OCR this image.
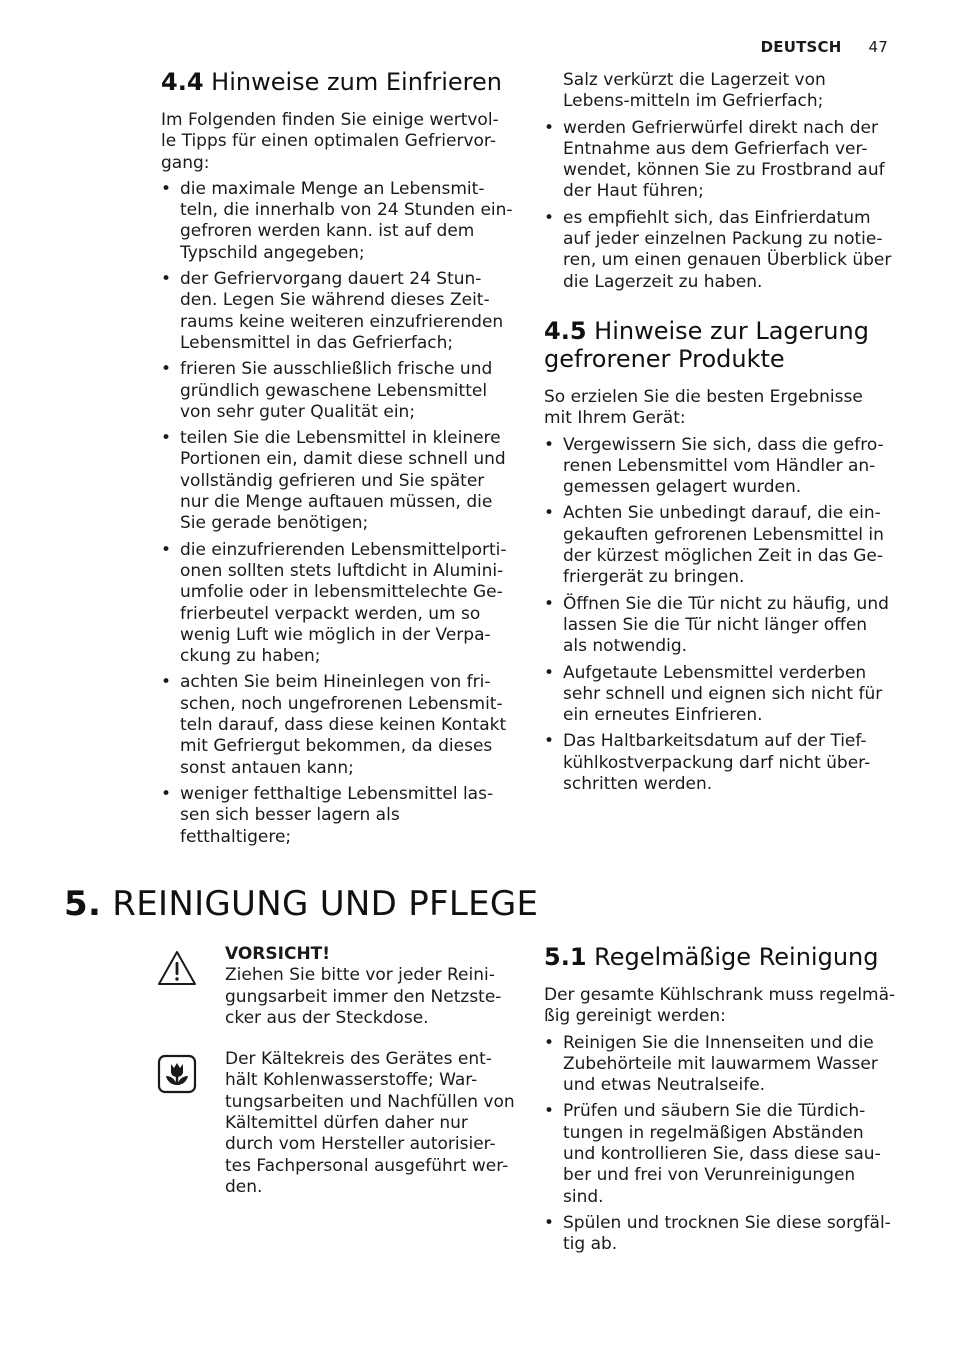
DEUTSCH 47
4.4 Hinweise zum Einfrieren

Im Folgenden finden Sie einige wertvol-le Tipps für einen optimalen Gefriervor-gang:

• die maximale Menge an Lebensmit-teln, die innerhalb von 24 Stunden ein-gefroren werden kann. ist auf dem Typschild angegeben;
• der Gefriervorgang dauert 24 Stun-den. Legen Sie während dieses Zeit-raums keine weiteren einzufrierenden Lebensmittel in das Gefrierfach;
• frieren Sie ausschließlich frische und gründlich gewaschene Lebensmittel von sehr guter Qualität ein;
• teilen Sie die Lebensmittel in kleinere Portionen ein, damit diese schnell und vollständig gefrieren und Sie später nur die Menge auftauen müssen, die Sie gerade benötigen;
• die einzufrierenden Lebensmittelporti-onen sollten stets luftdicht in Alumini-umfolie oder in lebensmittelechte Ge-frierbeutel verpackt werden, um so wenig Luft wie möglich in der Verpa-ckung zu haben;
• achten Sie beim Hineinlegen von fri-schen, noch ungefrorenen Lebensmit-teln darauf, dass diese keinen Kontakt mit Gefriergut bekommen, da dieses sonst antauen kann;
• weniger fetthaltige Lebensmittel las-sen sich besser lagern als fetthaltigere;
Salz verkürzt die Lagerzeit von Lebens-mitteln im Gefrierfach;
• werden Gefrierwürfel direkt nach der Entnahme aus dem Gefrierfach ver-wendet, können Sie zu Frostbrand auf der Haut führen;
• es empfiehlt sich, das Einfrierdatum auf jeder einzelnen Packung zu notie-ren, um einen genauen Überblick über die Lagerzeit zu haben.
4.5 Hinweise zur Lagerung gefrorener Produkte

So erzielen Sie die besten Ergebnisse mit Ihrem Gerät:

• Vergewissern Sie sich, dass die gefro-renen Lebensmittel vom Händler an-gemessen gelagert wurden.
• Achten Sie unbedingt darauf, die ein-gekauften gefrorenen Lebensmittel in der kürzest möglichen Zeit in das Ge-friergerät zu bringen.
• Öffnen Sie die Tür nicht zu häufig, und lassen Sie die Tür nicht länger offen als notwendig.
• Aufgetaute Lebensmittel verderben sehr schnell und eignen sich nicht für ein erneutes Einfrieren.
• Das Haltbarkeitsdatum auf der Tief-kühlkostverpackung darf nicht über-schritten werden.
5. REINIGUNG UND PFLEGE
VORSICHT!
Ziehen Sie bitte vor jeder Reini-gungsarbeit immer den Netzste-cker aus der Steckdose.
Der Kältekreis des Gerätes ent-hält Kohlenwasserstoffe; War-tungsarbeiten und Nachfüllen von Kältemittel dürfen daher nur durch vom Hersteller autorisier-tes Fachpersonal ausgeführt wer-den.
5.1 Regelmäßige Reinigung

Der gesamte Kühlschrank muss regelmä-ßig gereinigt werden:

• Reinigen Sie die Innenseiten und die Zubehörteile mit lauwarmem Wasser und etwas Neutralseife.
• Prüfen und säubern Sie die Türdich-tungen in regelmäßigen Abständen und kontrollieren Sie, dass diese sau-ber und frei von Verunreinigungen sind.
• Spülen und trocknen Sie diese sorgfäl-tig ab.
